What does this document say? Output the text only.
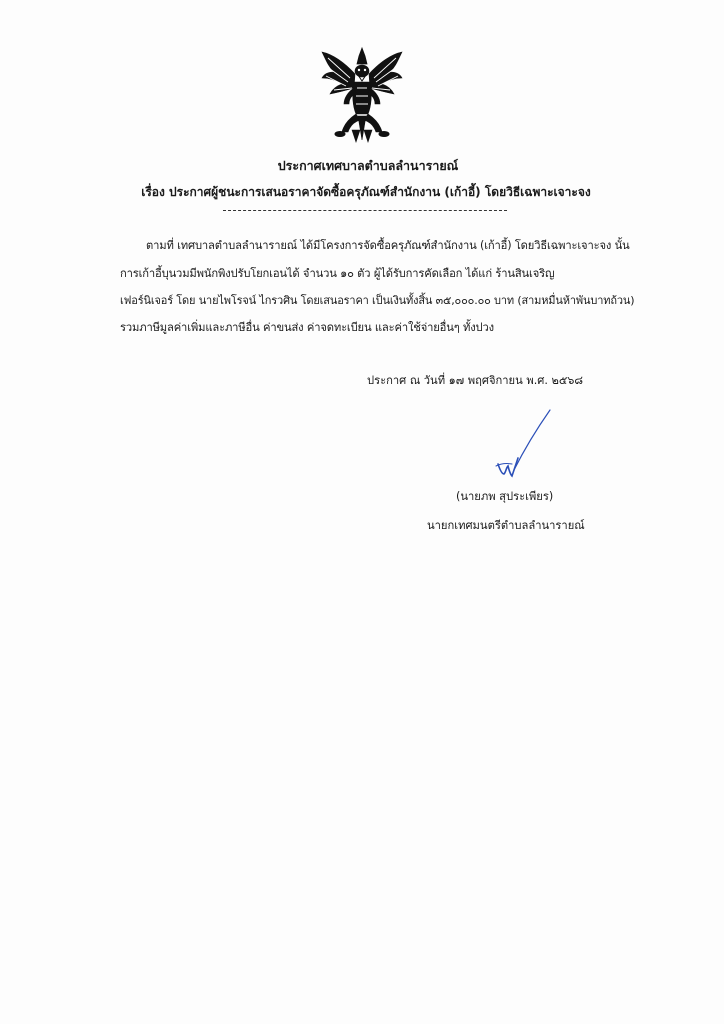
ประกาศเทศบาลตำบลลำนารายณ์
เรื่อง ประกาศผู้ชนะการเสนอราคาจัดซื้อครุภัณฑ์สำนักงาน (เก้าอี้) โดยวิธีเฉพาะเจาะจง
ตามที่ เทศบาลตำบลลำนารายณ์ ได้มีโครงการจัดซื้อครุภัณฑ์สำนักงาน (เก้าอี้) โดยวิธีเฉพาะเจาะจง นั้น
การเก้าอี้บุนวมมีพนักพิงปรับโยกเอนได้ จำนวน ๑๐ ตัว ผู้ได้รับการคัดเลือก ได้แก่ ร้านสินเจริญ
เฟอร์นิเจอร์ โดย นายไพโรจน์ ไกรวศิน โดยเสนอราคา เป็นเงินทั้งสิ้น ๓๕,๐๐๐.๐๐ บาท (สามหมื่นห้าพันบาทถ้วน)
รวมภาษีมูลค่าเพิ่มและภาษีอื่น ค่าขนส่ง ค่าจดทะเบียน และค่าใช้จ่ายอื่นๆ ทั้งปวง
ประกาศ ณ วันที่ ๑๗ พฤศจิกายน พ.ศ. ๒๕๖๘
(นายภพ สุประเพียร)
นายกเทศมนตรีตำบลลำนารายณ์
